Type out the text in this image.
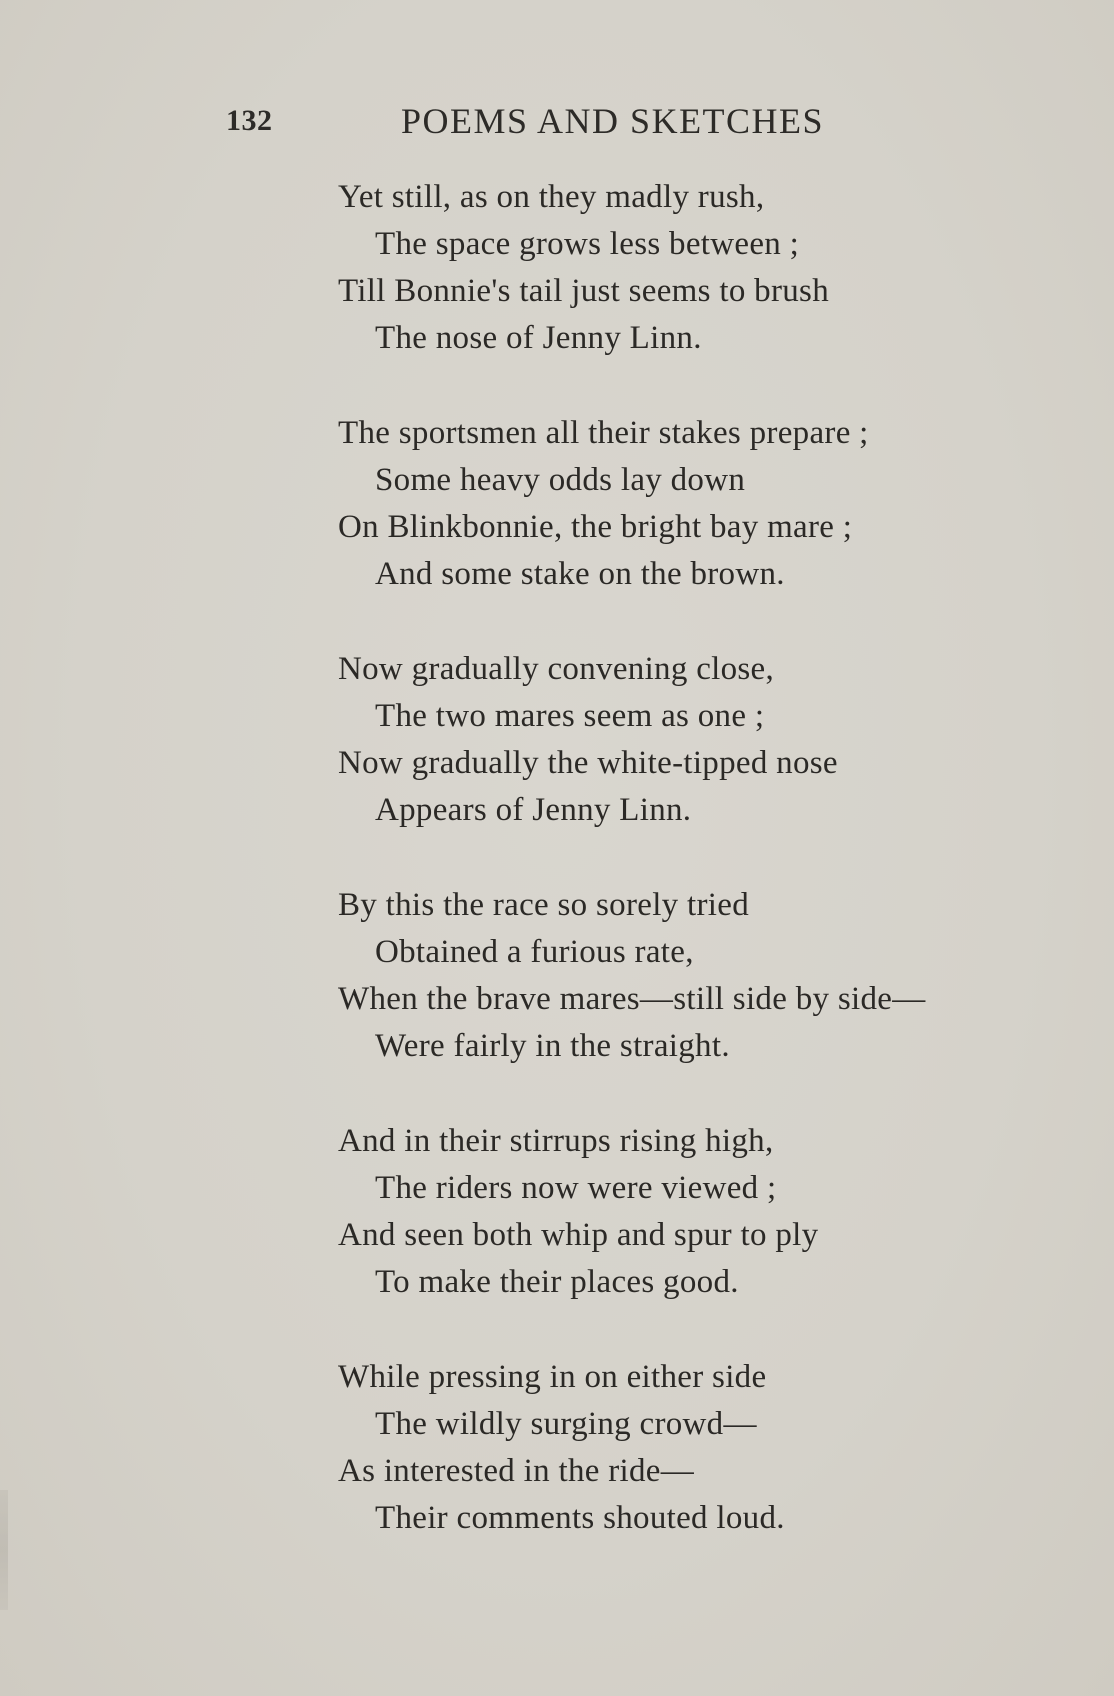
132	POEMS AND SKETCHES
Yet still, as on they madly rush,
The space grows less between ;
Till Bonnie's tail just seems to brush
The nose of Jenny Linn.
The sportsmen all their stakes prepare ;
Some heavy odds lay down
On Blinkbonnie, the bright bay mare ;
And some stake on the brown.
Now gradually convening close,
The two mares seem as one ;
Now gradually the white-tipped nose
Appears of Jenny Linn.
By this the race so sorely tried
Obtained a furious rate,
When the brave mares—still side by side—
Were fairly in the straight.
And in their stirrups rising high,
The riders now were viewed ;
And seen both whip and spur to ply
To make their places good.
While pressing in on either side
The wildly surging crowd—
As interested in the ride—
Their comments shouted loud.
